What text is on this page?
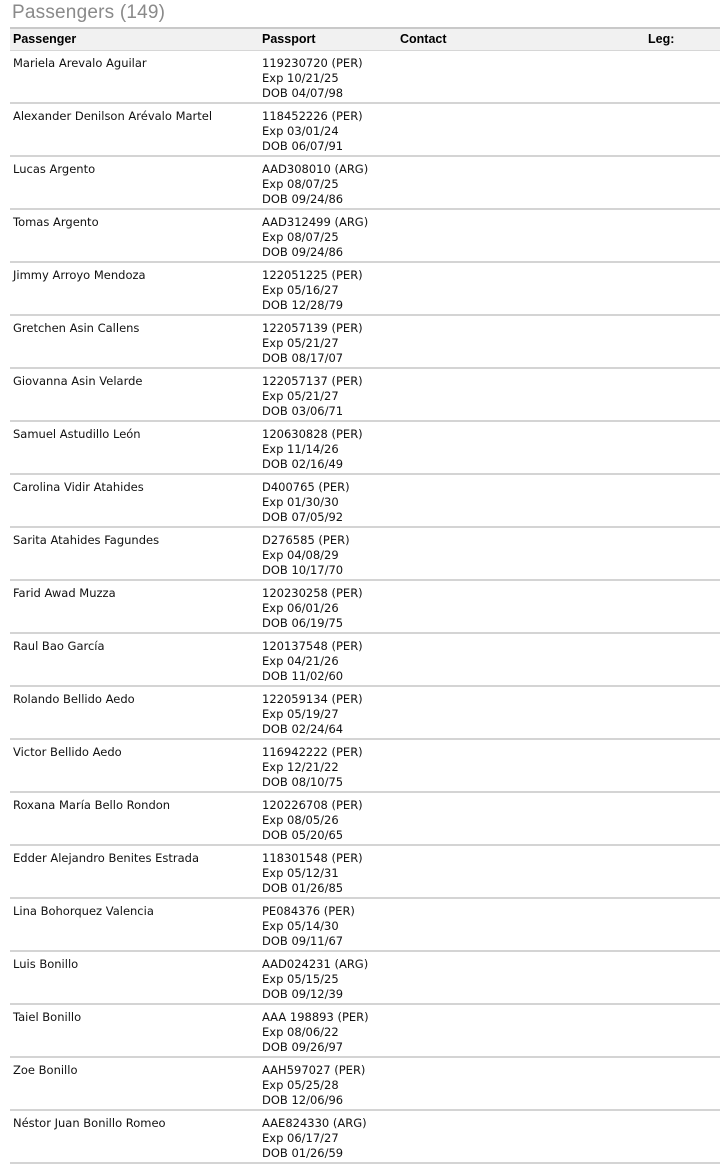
Passengers (149)
Passenger	Passport	Contact	Leg:
Mariela Arevalo Aguilar	119230720 (PER)
Exp 10/21/25
DOB 04/07/98
Alexander Denilson Arévalo Martel	118452226 (PER)
Exp 03/01/24
DOB 06/07/91
Lucas Argento	AAD308010 (ARG)
Exp 08/07/25
DOB 09/24/86
Tomas Argento	AAD312499 (ARG)
Exp 08/07/25
DOB 09/24/86
Jimmy Arroyo Mendoza	122051225 (PER)
Exp 05/16/27
DOB 12/28/79
Gretchen Asin Callens	122057139 (PER)
Exp 05/21/27
DOB 08/17/07
Giovanna Asin Velarde	122057137 (PER)
Exp 05/21/27
DOB 03/06/71
Samuel Astudillo León	120630828 (PER)
Exp 11/14/26
DOB 02/16/49
Carolina Vidir Atahides	D400765 (PER)
Exp 01/30/30
DOB 07/05/92
Sarita Atahides Fagundes	D276585 (PER)
Exp 04/08/29
DOB 10/17/70
Farid Awad Muzza	120230258 (PER)
Exp 06/01/26
DOB 06/19/75
Raul Bao García	120137548 (PER)
Exp 04/21/26
DOB 11/02/60
Rolando Bellido Aedo	122059134 (PER)
Exp 05/19/27
DOB 02/24/64
Victor Bellido Aedo	116942222 (PER)
Exp 12/21/22
DOB 08/10/75
Roxana María Bello Rondon	120226708 (PER)
Exp 08/05/26
DOB 05/20/65
Edder Alejandro Benites Estrada	118301548 (PER)
Exp 05/12/31
DOB 01/26/85
Lina Bohorquez Valencia	PE084376 (PER)
Exp 05/14/30
DOB 09/11/67
Luis Bonillo	AAD024231 (ARG)
Exp 05/15/25
DOB 09/12/39
Taiel Bonillo	AAA 198893 (PER)
Exp 08/06/22
DOB 09/26/97
Zoe Bonillo	AAH597027 (PER)
Exp 05/25/28
DOB 12/06/96
Néstor Juan Bonillo Romeo	AAE824330 (ARG)
Exp 06/17/27
DOB 01/26/59
